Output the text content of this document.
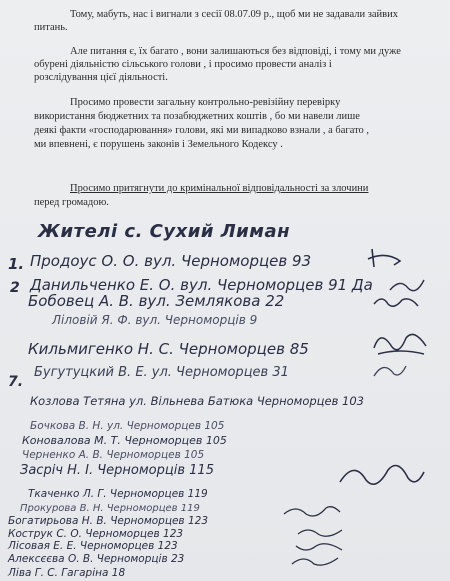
Тому, мабуть, нас і вигнали з сесії 08.07.09 р., щоб ми не задавали зайвих

питань.

Але питання є, їх багато , вони залишаються без відповіді, і тому ми дуже

обурені діяльністю сільського голови , і просимо провести аналіз і

розслідування цієї діяльності.

Просимо провести загальну контрольно-ревізійну перевірку

використання бюджетних та позабюджетних коштів , бо ми навели лише

деякі факти «господарювання» голови, які ми випадково взнали , а багато ,

ми впевнені, є порушень законів і Земельного Кодексу .

Просимо притягнути до кримінальної відповідальності за злочини

перед громадою.

Жителі с. Сухий Лиман
1. Продоус О. О. вул. Черноморцев 93
2 Данильченко Е. О. вул. Черноморцев 91 Да
Бобовец А. В. вул. Землякова 22
Ліловій Я. Ф. вул. Черноморців 9
Кильмигенко Н. С. Черноморцев 85
7.
Бугутуцкий В. Е. ул. Черноморцев 31
Козлова Тетяна ул. Вільнева Батюка Черноморцев 103
Бочкова В. Н. ул. Черноморцев 105
Коновалова М. Т. Черноморцев 105
Черненко А. В. Черноморцев 105
Засріч Н. І. Черноморців 115
Ткаченко Л. Г. Черноморцев 119
Прокурова В. Н. Черноморцев 119
Богатирьова Н. В. Черноморцев 123
Кострук С. О. Черноморцев 123
Лісовая Е. Е. Черноморцев 123
Алексєєва О. В. Черноморців 23
Ліва Г. С. Гагаріна 18
